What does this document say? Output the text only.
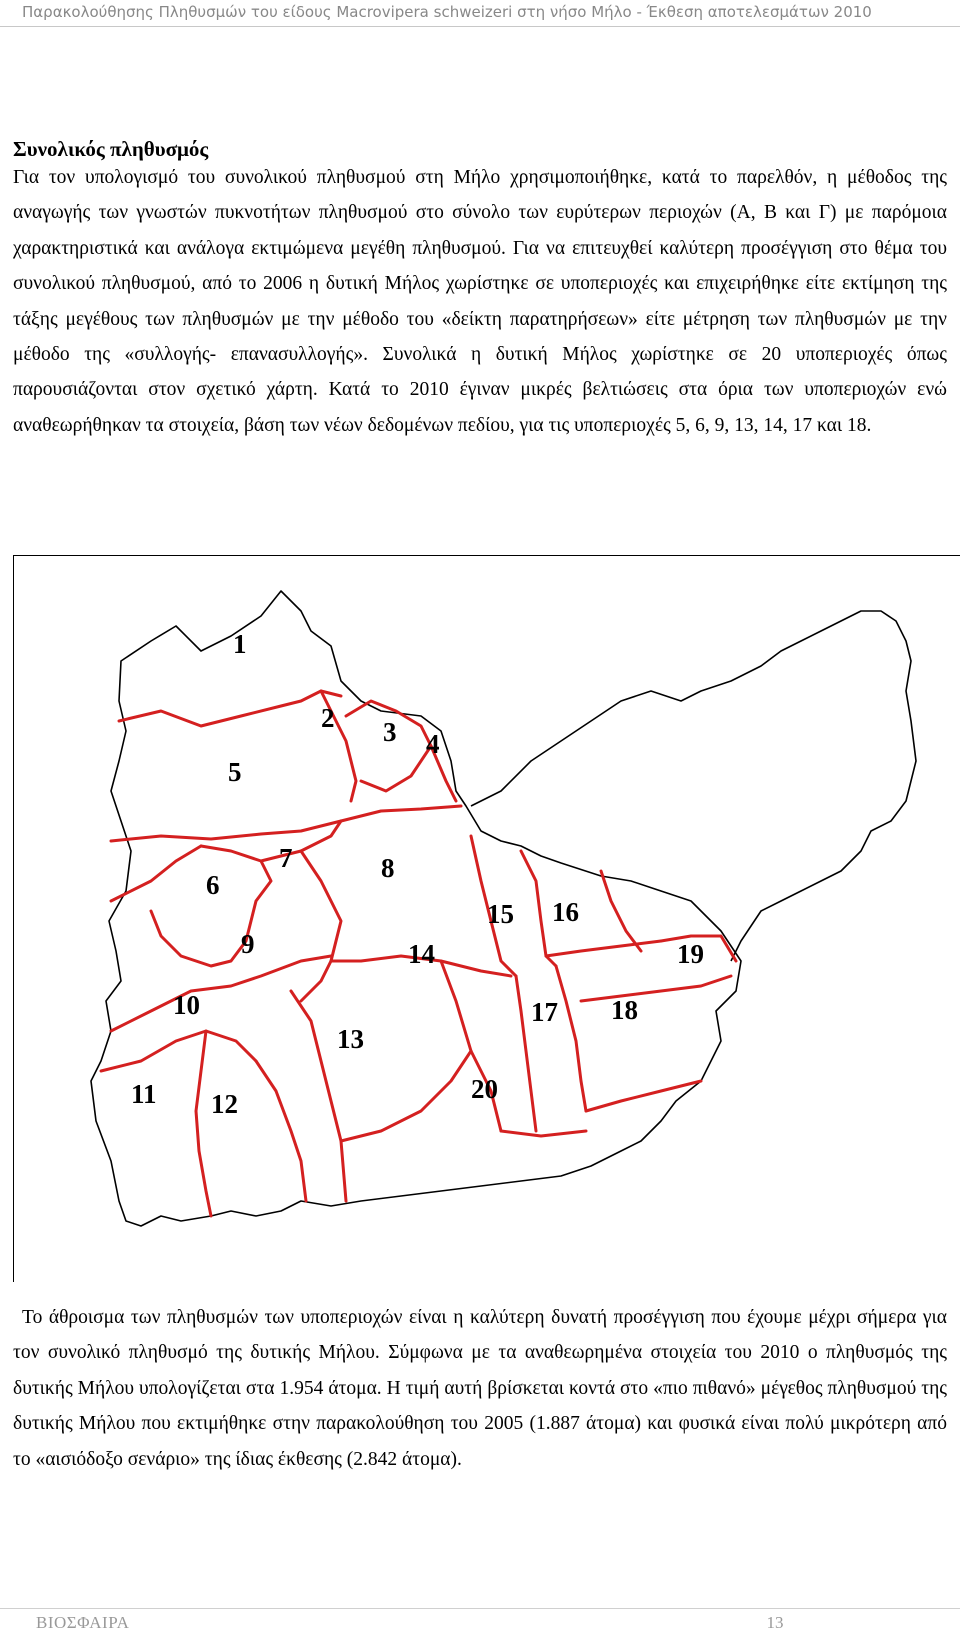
Παρακολούθησης Πληθυσμών του είδους Macrovipera schweizeri στη νήσο Μήλο - Έκθεση αποτελεσμάτων 2010
Συνολικός πληθυσμός
Για τον υπολογισμό του συνολικού πληθυσμού στη Μήλο χρησιμοποιήθηκε, κατά το παρελθόν, η μέθοδος της αναγωγής των γνωστών πυκνοτήτων πληθυσμού στο σύνολο των ευρύτερων περιοχών (Α, Β και Γ) με παρόμοια χαρακτηριστικά και ανάλογα εκτιμώμενα μεγέθη πληθυσμού. Για να επιτευχθεί καλύτερη προσέγγιση στο θέμα του συνολικού πληθυσμού, από το 2006 η δυτική Μήλος χωρίστηκε σε υποπεριοχές και επιχειρήθηκε είτε εκτίμηση της τάξης μεγέθους των πληθυσμών με την μέθοδο του «δείκτη παρατηρήσεων» είτε μέτρηση των πληθυσμών με την μέθοδο της «συλλογής- επανασυλλογής». Συνολικά η δυτική Μήλος χωρίστηκε σε 20 υποπεριοχές όπως παρουσιάζονται στον σχετικό χάρτη. Κατά το 2010 έγιναν μικρές βελτιώσεις στα όρια των υποπεριοχών ενώ αναθεωρήθηκαν τα στοιχεία, βάση των νέων δεδομένων πεδίου, για τις υποπεριοχές 5, 6, 9, 13, 14, 17 και 18.
1
2 3 4
5
6
7	8
9
10
11 12
13
14
15 16
17 18
19
20
Το άθροισμα των πληθυσμών των υποπεριοχών είναι η καλύτερη δυνατή προσέγγιση που έχουμε μέχρι σήμερα για τον συνολικό πληθυσμό της δυτικής Μήλου. Σύμφωνα με τα αναθεωρημένα στοιχεία του 2010 ο πληθυσμός της δυτικής Μήλου υπολογίζεται στα 1.954 άτομα. Η τιμή αυτή βρίσκεται κοντά στο «πιο πιθανό» μέγεθος πληθυσμού της δυτικής Μήλου που εκτιμήθηκε στην παρακολούθηση του 2005 (1.887 άτομα) και φυσικά είναι πολύ μικρότερη από το «αισιόδοξο σενάριο» της ίδιας έκθεσης (2.842 άτομα).
ΒΙΟΣΦΑΙΡΑ	13
